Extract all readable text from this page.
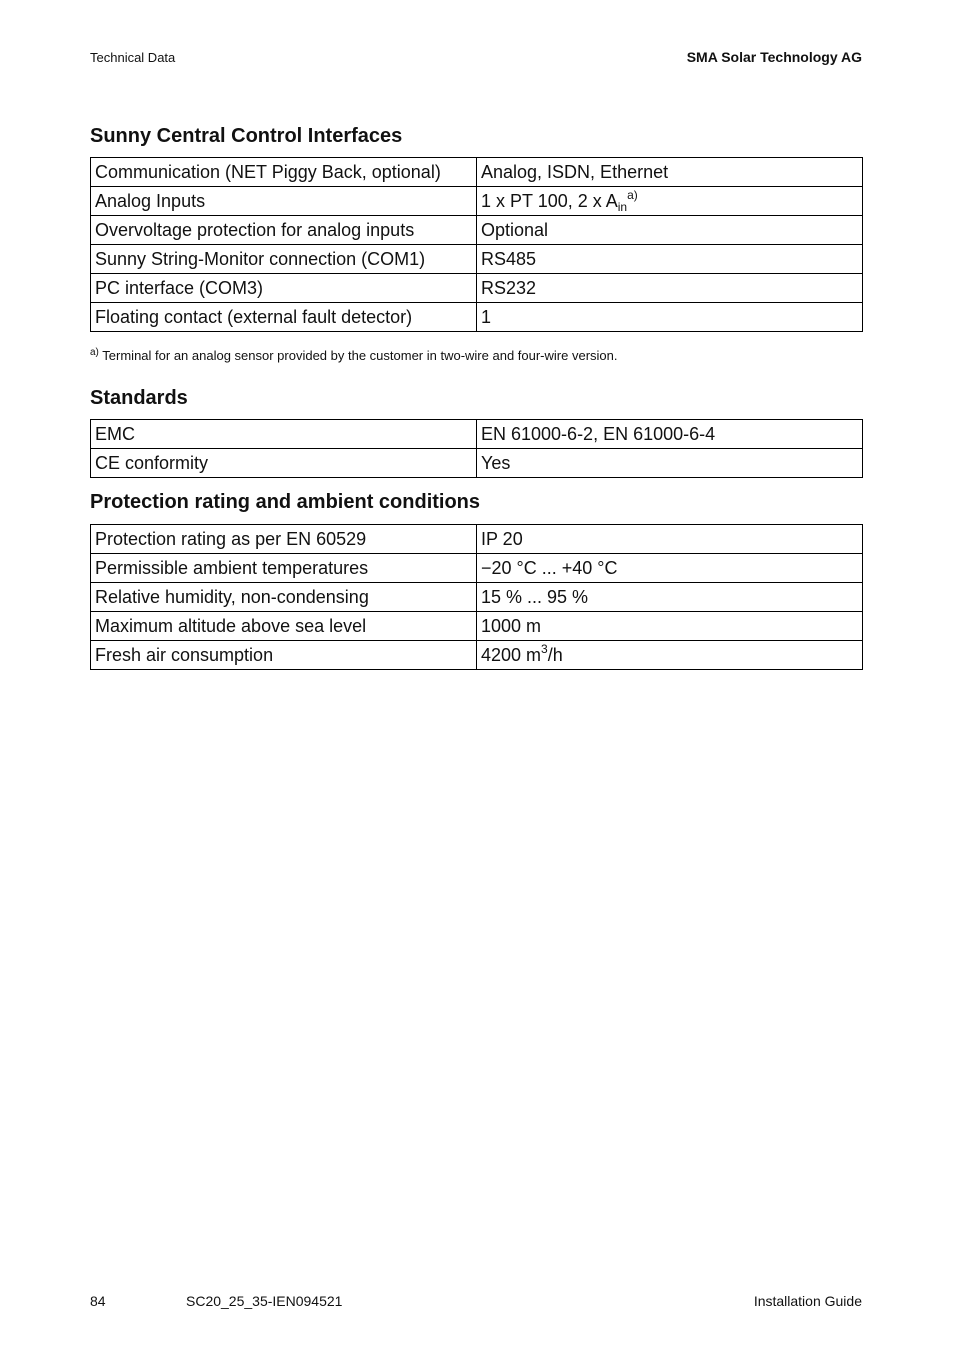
Technical Data	SMA Solar Technology AG
Sunny Central Control Interfaces
Communication (NET Piggy Back, optional)	Analog, ISDN, Ethernet
Analog Inputs	1 x PT 100, 2 x $A_{in}^{a)}$
Overvoltage protection for analog inputs	Optional
Sunny String-Monitor connection (COM1)	RS485
PC interface (COM3)	RS232
Floating contact (external fault detector)	1
$^{a)}$ Terminal for an analog sensor provided by the customer in two-wire and four-wire version.
Standards
EMC	EN 61000-6-2, EN 61000-6-4
CE conformity	Yes
Protection rating and ambient conditions
Protection rating as per EN 60529	IP 20
Permissible ambient temperatures	−20 °C ... +40 °C
Relative humidity, non-condensing	15 % ... 95 %
Maximum altitude above sea level	1000 m
Fresh air consumption	4200 $m^3/h$
84	SC20_25_35-IEN094521	Installation Guide
